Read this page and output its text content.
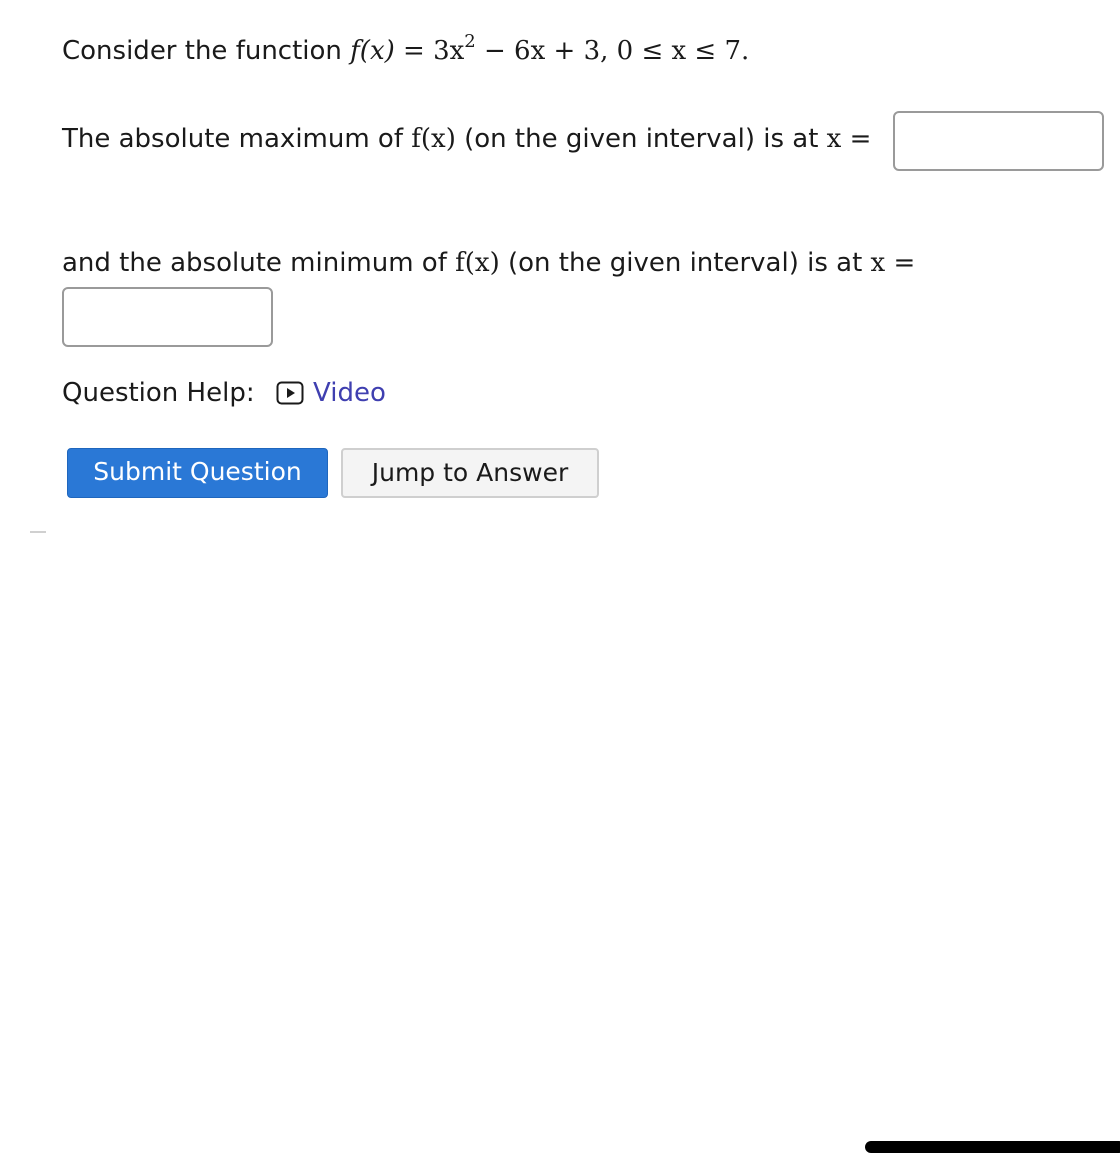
Consider the function $f(x) = 3x^2 - 6x + 3$, 0 ≤ x ≤ 7.
The absolute maximum of f(x) (on the given interval) is at x =
and the absolute minimum of f(x) (on the given interval) is at x =
Question Help: Video
Submit Question	Jump to Answer
